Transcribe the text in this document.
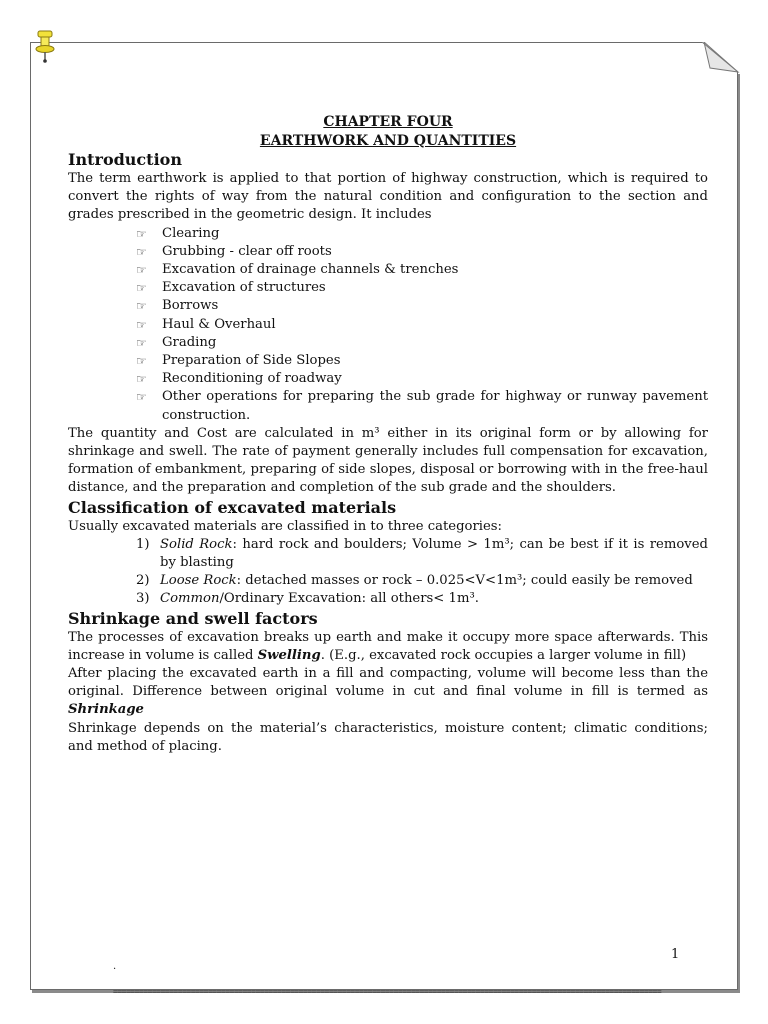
CHAPTER FOUR
EARTHWORK AND QUANTITIES
Introduction

The term earthwork is applied to that portion of highway construction, which is required to convert the rights of way from the natural condition and configuration to the section and grades prescribed in the geometric design. It includes

☞	Clearing
☞	Grubbing - clear off roots
☞	Excavation of drainage channels & trenches
☞	Excavation of structures
☞	Borrows
☞	Haul & Overhaul
☞	Grading
☞	Preparation of Side Slopes
☞	Reconditioning of roadway
☞	Other operations for preparing the sub grade for highway or runway pavement construction.

The quantity and Cost are calculated in m³ either in its original form or by allowing for shrinkage and swell. The rate of payment generally includes full compensation for excavation, formation of embankment, preparing of side slopes, disposal or borrowing with in the free-haul distance, and the preparation and completion of the sub grade and the shoulders.

Classification of excavated materials

Usually excavated materials are classified in to three categories:

1) Solid Rock: hard rock and boulders; Volume > 1m³; can be best if it is removed by blasting
2) Loose Rock: detached masses or rock – 0.025<V<1m³; could easily be removed
3) Common/Ordinary Excavation: all others< 1m³.
Shrinkage and swell factors

The processes of excavation breaks up earth and make it occupy more space afterwards. This increase in volume is called Swelling. (E.g., excavated rock occupies a larger volume in fill)

After placing the excavated earth in a fill and compacting, volume will become less than the original. Difference between original volume in cut and final volume in fill is termed as Shrinkage

Shrinkage depends on the material’s characteristics, moisture content; climatic conditions; and method of placing.

===============================================================================================================================
1
.
